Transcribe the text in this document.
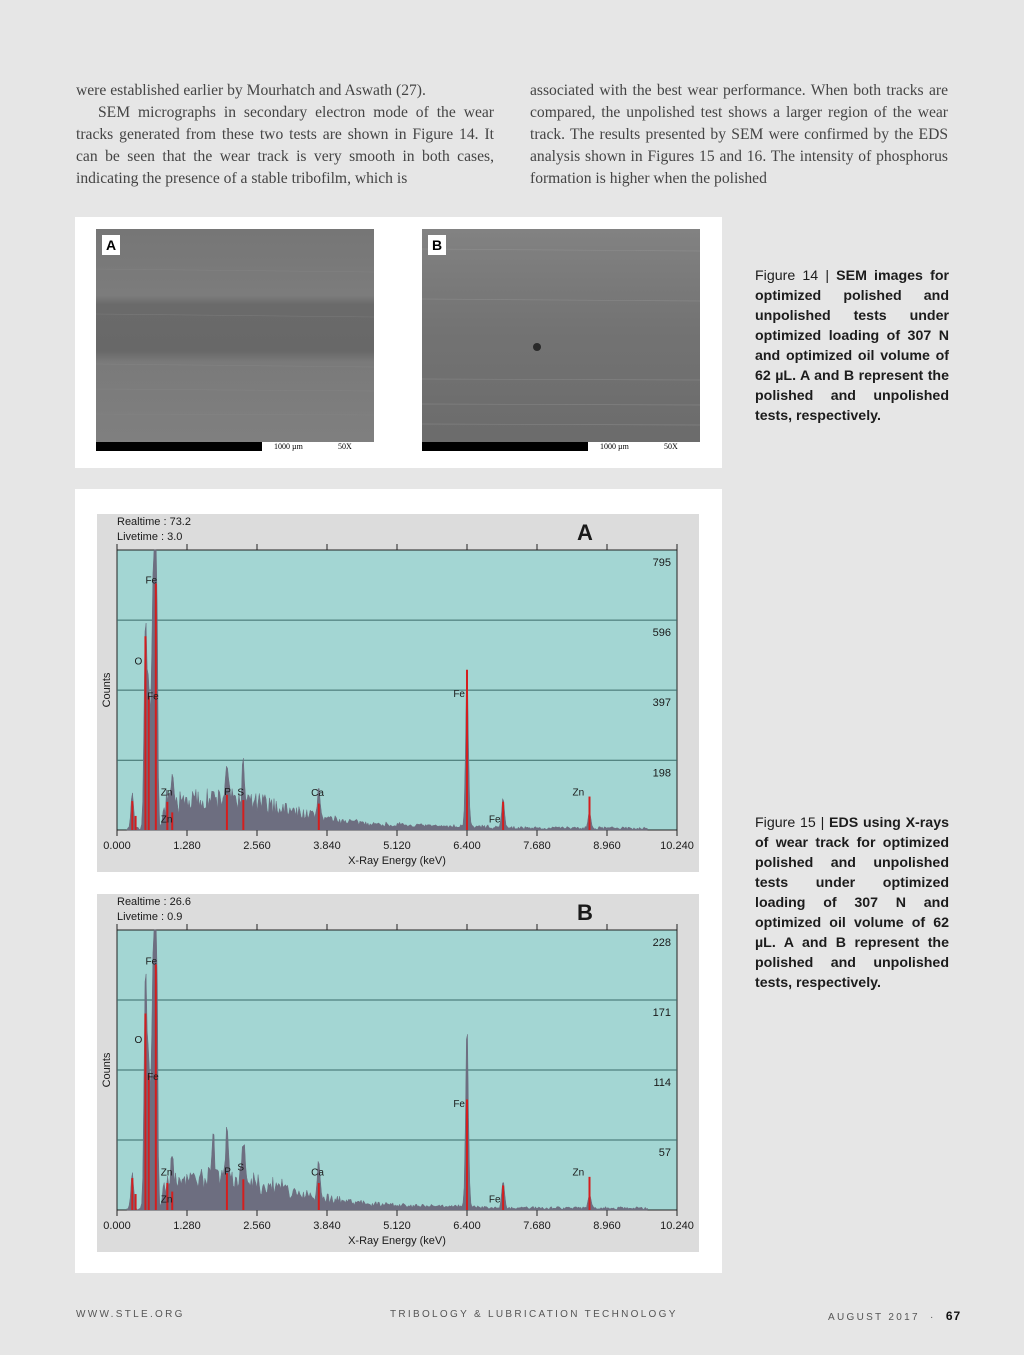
were established earlier by Mourhatch and Aswath (27).

SEM micrographs in secondary electron mode of the wear tracks generated from these two tests are shown in Figure 14. It can be seen that the wear track is very smooth in both cases, indicating the presence of a stable tribofilm, which is

associated with the best wear performance. When both tracks are compared, the unpolished test shows a larger region of the wear track. The results presented by SEM were confirmed by the EDS analysis shown in Figures 15 and 16. The intensity of phosphorus formation is higher when the polished

A
1000 µm	50X
B
1000 µm	50X
Figure 14 | SEM images for optimized polished and unpolished tests under optimized loading of 307 N and optimized oil volume of 62 µL. A and B represent the polished and unpolished tests, respectively.
795
596
397
198
0.000	1.280	2.560	3.840	5.120	6.400	7.680	8.960	10.240
Fe
O
Fe
Zn	P S	Ca
Fe
Fe
Zn
Zn
Realtime : 73.2
Livetime : 3.0	A
X-Ray Energy (keV)
Counts
228
171
114
57
0.000	1.280	2.560	3.840	5.120	6.400	7.680	8.960	10.240
Fe
O
Fe
Zn	P S	Ca
Fe
Fe
Zn
Zn
Realtime : 26.6
Livetime : 0.9	B
X-Ray Energy (keV)
Counts
Figure 15 | EDS using X-rays of wear track for optimized polished and unpolished tests under optimized loading of 307 N and optimized oil volume of 62 µL. A and B represent the polished and unpolished tests, respectively.
WWW.STLE.ORG	TRIBOLOGY & LUBRICATION TECHNOLOGY	AUGUST 2017 · 67
